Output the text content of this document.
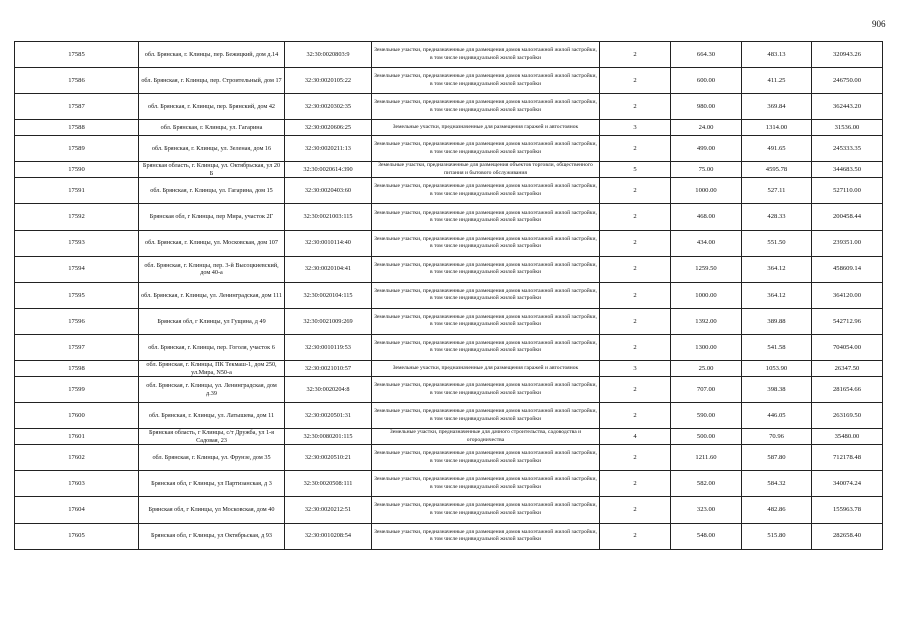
906
17585	обл. Брянская, г. Клинцы, пер. Бежицкий, дом д.14	32:30:0020803:9	Земельные участки, предназначенные для размещения домов малоэтажной жилой застройки, в том числе индивидуальной жилой застройки	2	664.30	483.13	320943.26
17586	обл. Брянская, г. Клинцы, пер. Строительный, дом 17	32:30:0020105:22	Земельные участки, предназначенные для размещения домов малоэтажной жилой застройки, в том числе индивидуальной жилой застройки	2	600.00	411.25	246750.00
17587	обл. Брянская, г. Клинцы, пер. Брянский, дом 42	32:30:0020302:35	Земельные участки, предназначенные для размещения домов малоэтажной жилой застройки, в том числе индивидуальной жилой застройки	2	980.00	369.84	362443.20
17588	обл. Брянская, г. Клинцы, ул. Гагарина	32:30:0020606:25	Земельные участки, предназначенные для размещения гаражей и автостоянок	3	24.00	1314.00	31536.00
17589	обл. Брянская, г. Клинцы, ул. Зеленая, дом 16	32:30:0020211:13	Земельные участки, предназначенные для размещения домов малоэтажной жилой застройки, в том числе индивидуальной жилой застройки	2	499.00	491.65	245333.35
17590	Брянская область, г. Клинцы, ул. Октябрьская, ул 20 Б	32:30:0020614:390	Земельные участки, предназначенные для размещения объектов торговли, общественного питания и бытового обслуживания	5	75.00	4595.78	344683.50
17591	обл. Брянская, г. Клинцы, ул. Гагарина, дом 15	32:30:0020403:60	Земельные участки, предназначенные для размещения домов малоэтажной жилой застройки, в том числе индивидуальной жилой застройки	2	1000.00	527.11	527110.00
17592	Брянская обл, г Клинцы, пер Мира, участок 2Г	32:30:0021003:115	Земельные участки, предназначенные для размещения домов малоэтажной жилой застройки, в том числе индивидуальной жилой застройки	2	468.00	428.33	200458.44
17593	обл. Брянская, г. Клинцы, ул. Московская, дом 107	32:30:0010114:40	Земельные участки, предназначенные для размещения домов малоэтажной жилой застройки, в том числе индивидуальной жилой застройки	2	434.00	551.50	239351.00
17594	обл. Брянская, г. Клинцы, пер. 3-й Высоцкиевский, дом 40-а	32:30:0020104:41	Земельные участки, предназначенные для размещения домов малоэтажной жилой застройки, в том числе индивидуальной жилой застройки	2	1259.50	364.12	458609.14
17595	обл. Брянская, г. Клинцы, ул. Ленинградская, дом 111	32:30:0020104:115	Земельные участки, предназначенные для размещения домов малоэтажной жилой застройки, в том числе индивидуальной жилой застройки	2	1000.00	364.12	364120.00
17596	Брянская обл, г Клинцы, ул Гущина, д 49	32:30:0021009:269	Земельные участки, предназначенные для размещения домов малоэтажной жилой застройки, в том числе индивидуальной жилой застройки	2	1392.00	389.88	542712.96
17597	обл. Брянская, г. Клинцы, пер. Гоголя, участок 6	32:30:0010119:53	Земельные участки, предназначенные для размещения домов малоэтажной жилой застройки, в том числе индивидуальной жилой застройки	2	1300.00	541.58	704054.00
17598	обл. Брянская, г. Клинцы, ПК Текмаш-1, дом 250, ул.Мира, N50-а	32:30:0021010:57	Земельные участки, предназначенные для размещения гаражей и автостоянок	3	25.00	1053.90	26347.50
17599	обл. Брянская, г. Клинцы, ул. Ленинградская, дом д.39	32:30:0020204:8	Земельные участки, предназначенные для размещения домов малоэтажной жилой застройки, в том числе индивидуальной жилой застройки	2	707.00	398.38	281654.66
17600	обл. Брянская, г. Клинцы, ул. Латышева, дом 11	32:30:0020501:31	Земельные участки, предназначенные для размещения домов малоэтажной жилой застройки, в том числе индивидуальной жилой застройки	2	590.00	446.05	263169.50
17601	Брянская область, г Клинцы, с/т Дружба, ул 1-я Садовая, 23	32:30:0080201:115	Земельные участки, предназначенные для дачного строительства, садоводства и огородничества	4	500.00	70.96	35480.00
17602	обл. Брянская, г. Клинцы, ул. Фрунзе, дом 35	32:30:0020510:21	Земельные участки, предназначенные для размещения домов малоэтажной жилой застройки, в том числе индивидуальной жилой застройки	2	1211.60	587.80	712178.48
17603	Брянская обл, г Клинцы, ул Партизанская, д 3	32:30:0020508:111	Земельные участки, предназначенные для размещения домов малоэтажной жилой застройки, в том числе индивидуальной жилой застройки	2	582.00	584.32	340074.24
17604	Брянская обл, г Клинцы, ул Московская, дом 40	32:30:0020212:51	Земельные участки, предназначенные для размещения домов малоэтажной жилой застройки, в том числе индивидуальной жилой застройки	2	323.00	482.86	155963.78
17605	Брянская обл, г Клинцы, ул Октябрьская, д 93	32:30:0010208:54	Земельные участки, предназначенные для размещения домов малоэтажной жилой застройки, в том числе индивидуальной жилой застройки	2	548.00	515.80	282658.40
